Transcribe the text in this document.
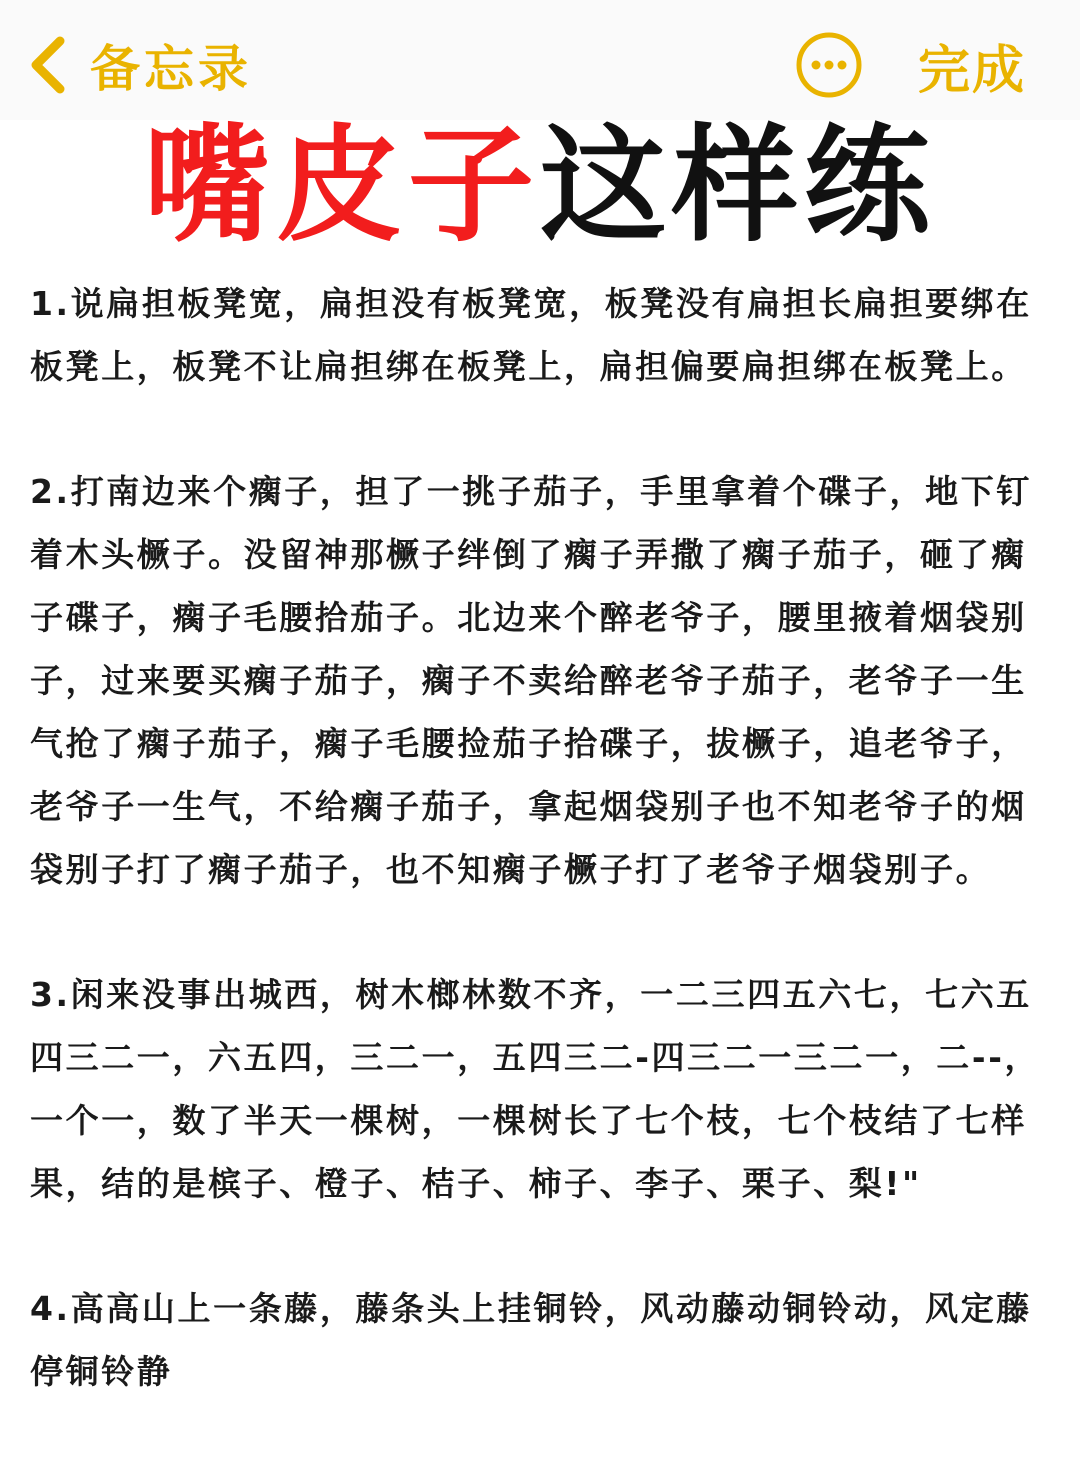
备忘录	完成
嘴皮子这样练

1.说扁担板凳宽，扁担没有板凳宽，板凳没有扁担长扁担要绑在板凳上，板凳不让扁担绑在板凳上，扁担偏要扁担绑在板凳上。

2.打南边来个瘸子，担了一挑子茄子，手里拿着个碟子，地下钉着木头橛子。没留神那橛子绊倒了瘸子弄撒了瘸子茄子，砸了瘸子碟子，瘸子毛腰拾茄子。北边来个醉老爷子，腰里掖着烟袋别子，过来要买瘸子茄子，瘸子不卖给醉老爷子茄子，老爷子一生气抢了瘸子茄子，瘸子毛腰捡茄子拾碟子，拔橛子，追老爷子，老爷子一生气，不给瘸子茄子，拿起烟袋别子也不知老爷子的烟袋别子打了瘸子茄子，也不知瘸子橛子打了老爷子烟袋别子。

3.闲来没事出城西，树木榔林数不齐，一二三四五六七，七六五四三二一，六五四，三二一，五四三二-四三二一三二一，二--，一个一，数了半天一棵树，一棵树长了七个枝，七个枝结了七样果，结的是槟子、橙子、桔子、柿子、李子、栗子、梨!"

4.高高山上一条藤，藤条头上挂铜铃，风动藤动铜铃动，风定藤停铜铃静
